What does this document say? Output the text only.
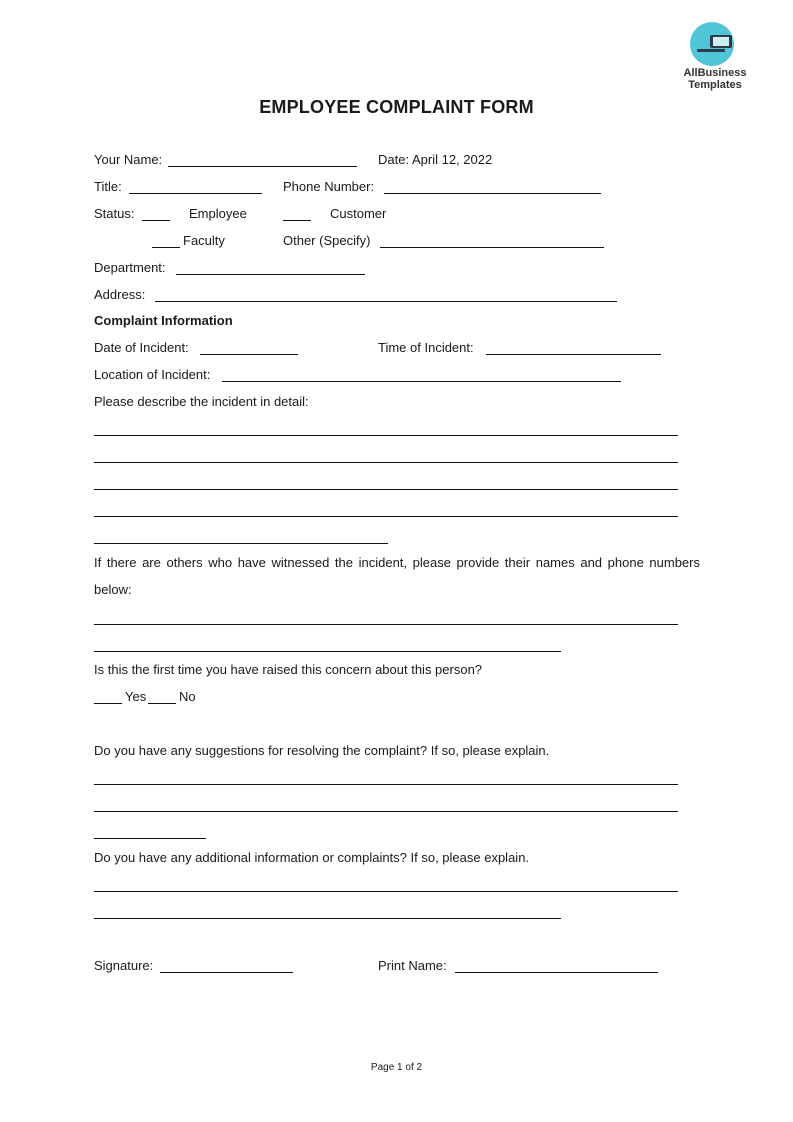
AllBusiness
Templates
EMPLOYEE COMPLAINT FORM
Your Name:	Date: April 12, 2022
Title:	Phone Number:
Status:	Employee	Customer
Faculty	Other (Specify)
Department:
Address:
Complaint Information
Date of Incident:	Time of Incident:
Location of Incident:
Please describe the incident in detail:
If there are others who have witnessed the incident, please provide their names and phone numbers
below:
Is this the first time you have raised this concern about this person?
Yes	No
Do you have any suggestions for resolving the complaint? If so, please explain.
Do you have any additional information or complaints? If so, please explain.
Signature:	Print Name:
Page 1 of 2
